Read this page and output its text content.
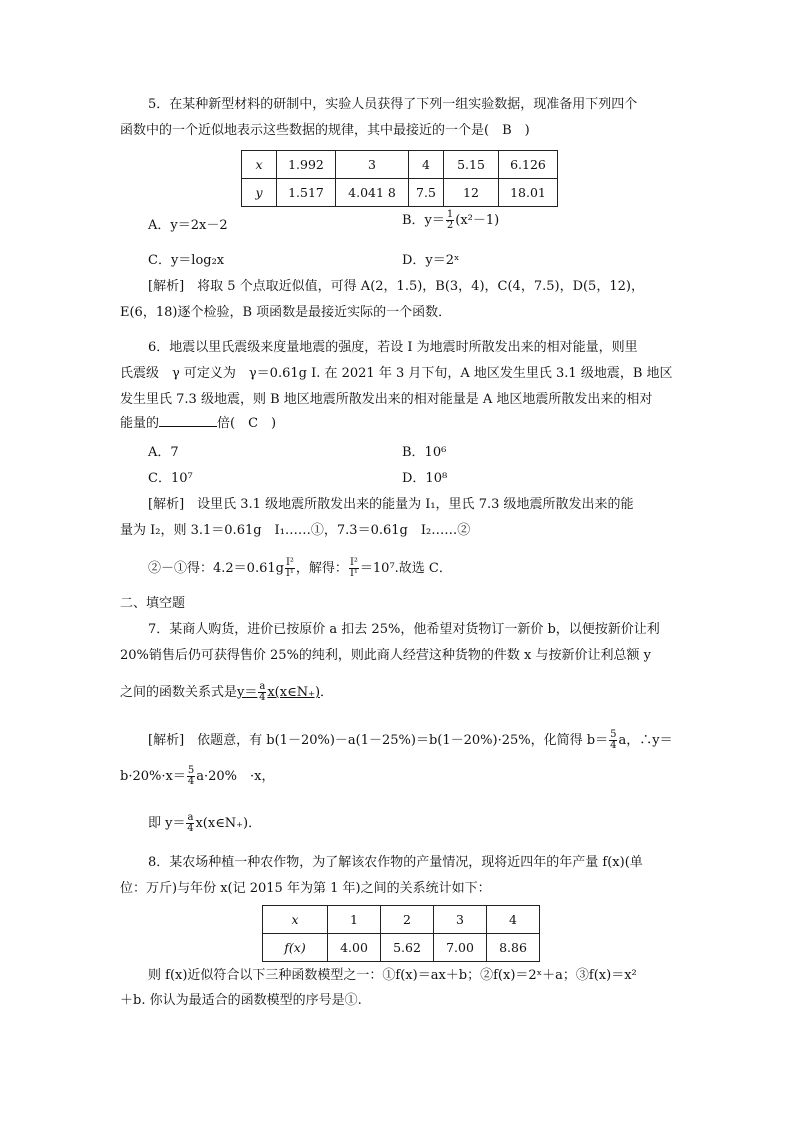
5．在某种新型材料的研制中，实验人员获得了下列一组实验数据，现准备用下列四个
函数中的一个近似地表示这些数据的规律，其中最接近的一个是(　B　)
x	1.992	3	4	5.15	6.126
y	1.517	4.041 8	7.5	12	18.01
A．y＝2x－2	B．$y= \frac{1}{2} (x^2-1)$
C．y＝log₂x	D．y＝2ˣ
[解析]　将取 5 个点取近似值，可得 A(2，1.5)，B(3，4)，C(4，7.5)，D(5，12)，
E(6，18)逐个检验，B 项函数是最接近实际的一个函数．
6．地震以里氏震级来度量地震的强度，若设 I 为地震时所散发出来的相对能量，则里
氏震级　γ 可定义为　γ＝0.61g I. 在 2021 年 3 月下旬，A 地区发生里氏 3.1 级地震，B 地区
发生里氏 7.3 级地震，则 B 地区地震所散发出来的相对能量是 A 地区地震所散发出来的相对
能量的	倍(　C　)
A．7	B．10⁶
C．10⁷	D．10⁸
[解析]　设里氏 3.1 级地震所散发出来的能量为 I₁，里氏 7.3 级地震所散发出来的能
量为 I₂，则 3.1＝0.61g　I₁……①，7.3＝0.61g　I₂……②
②－①得：$4.2=0.61g \frac{\text{I²}}{\text{I¹}}$ ，解得： $\frac{\text{I²}}{\text{I¹}} =10^7$.故选 C．
二、填空题
7．某商人购货，进价已按原价 a 扣去 25%，他希望对货物订一新价 b，以便按新价让利
20%销售后仍可获得售价 25%的纯利，则此商人经营这种货物的件数 x 与按新价让利总额 y
之间的函数关系式是$y= \frac{a}{4}$ x(x∈N₊)．
[解析]　依题意，有 b(1－20%)－a(1－25%)＝b(1－20%)·25%，化简得 $b= \frac{5}{4}$ a，∴y＝
$b\cdot 20\%\cdot x= \frac{5}{4} a\cdot 20\%$　·x，
即 $y= \frac{a}{4}$ x(x∈N₊)．
8．某农场种植一种农作物，为了解该农作物的产量情况，现将近四年的年产量 f(x)(单
位：万斤)与年份 x(记 2015 年为第 1 年)之间的关系统计如下：
x	1	2	3	4
f(x)	4.00	5.62	7.00	8.86
则 f(x)近似符合以下三种函数模型之一：①f(x)＝ax＋b；②f(x)＝2ˣ＋a；③f(x)＝x²
＋b. 你认为最适合的函数模型的序号是①.
